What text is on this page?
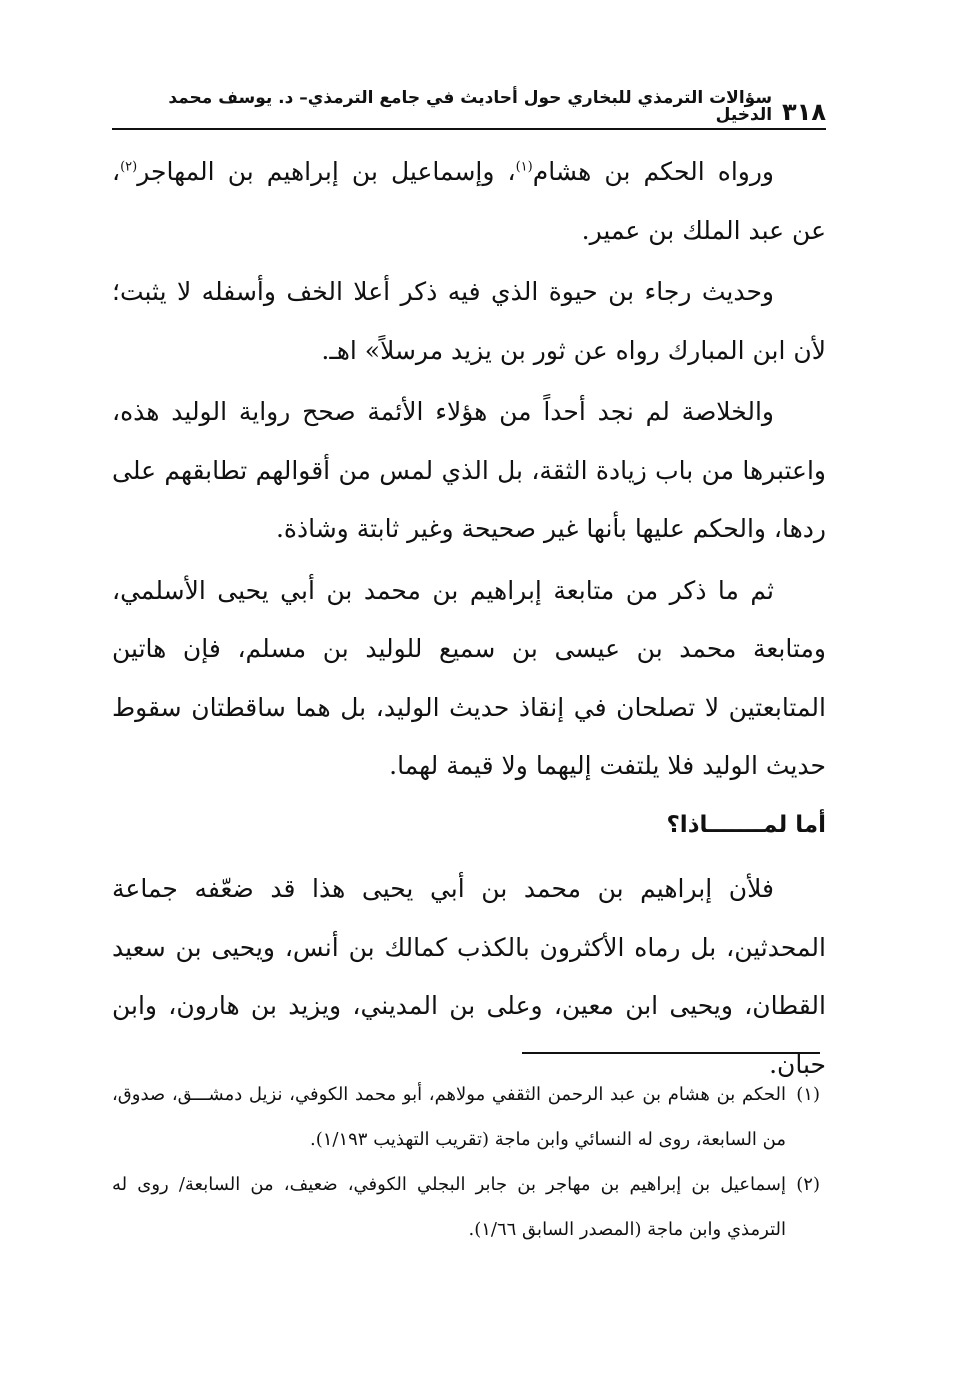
٣١٨
سؤالات الترمذي للبخاري حول أحاديث في جامع الترمذي– د. يوسف محمد الدخيل

ورواه الحكم بن هشام$^{(١)}$، وإسماعيل بن إبراهيم بن المهاجر$^{(٢)}$، عن عبد الملك بن عمير.

وحديث رجاء بن حيوة الذي فيه ذكر أعلا الخف وأسفله لا يثبت؛ لأن ابن المبارك رواه عن ثور بن يزيد مرسلاً» اهـ.

والخلاصة لم نجد أحداً من هؤلاء الأئمة صحح رواية الوليد هذه، واعتبرها من باب زيادة الثقة، بل الذي لمس من أقوالهم تطابقهم على ردها، والحكم عليها بأنها غير صحيحة وغير ثابتة وشاذة.

ثم ما ذكر من متابعة إبراهيم بن محمد بن أبي يحيى الأسلمي، ومتابعة محمد بن عيسى بن سميع للوليد بن مسلم، فإن هاتين المتابعتين لا تصلحان في إنقاذ حديث الوليد، بل هما ساقطتان سقوط حديث الوليد فلا يلتفت إليهما ولا قيمة لهما.

أما لمـــــــاذا؟

فلأن إبراهيم بن محمد بن أبي يحيى هذا قد ضعّفه جماعة المحدثين، بل رماه الأكثرون بالكذب كمالك بن أنس، ويحيى بن سعيد القطان، ويحيى ابن معين، وعلى بن المديني، ويزيد بن هارون، وابن حبان.

(١)الحكم بن هشام بن عبد الرحمن الثقفي مولاهم، أبو محمد الكوفي، نزيل دمشـــق، صدوق، من السابعة، روى له النسائي وابن ماجة (تقريب التهذيب ١/١٩٣).

(٢)إسماعيل بن إبراهيم بن مهاجر بن جابر البجلي الكوفي، ضعيف، من السابعة/ روى له الترمذي وابن ماجة (المصدر السابق ١/٦٦).
